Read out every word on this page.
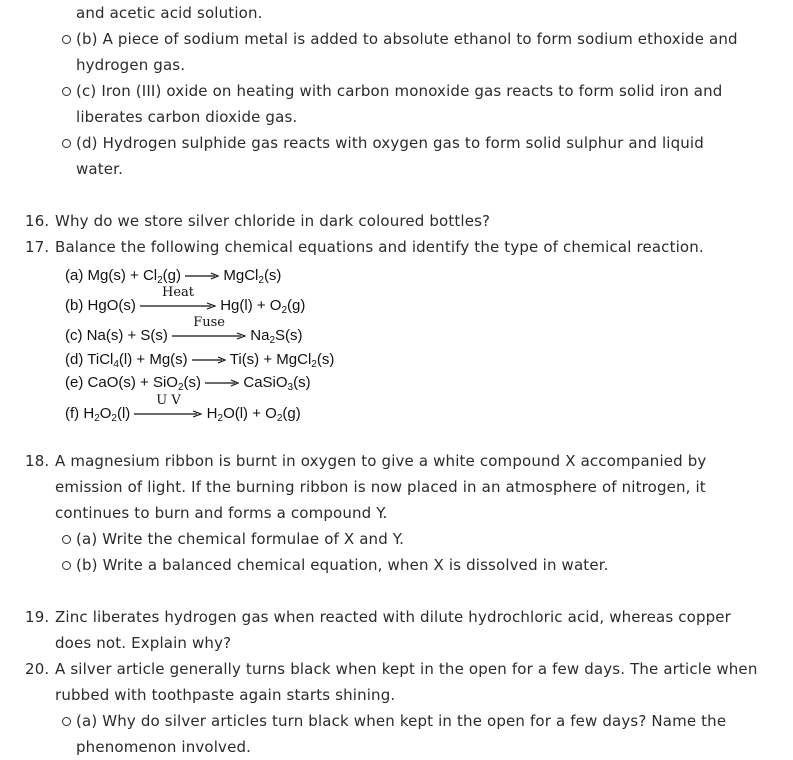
and acetic acid solution.
(b) A piece of sodium metal is added to absolute ethanol to form sodium ethoxide and
hydrogen gas.
(c) Iron (III) oxide on heating with carbon monoxide gas reacts to form solid iron and
liberates carbon dioxide gas.
(d) Hydrogen sulphide gas reacts with oxygen gas to form solid sulphur and liquid
water.
16. Why do we store silver chloride in dark coloured bottles?
17. Balance the following chemical equations and identify the type of chemical reaction.
(a) $Mg(s) + Cl_2(g)$ → MgCl$_2$(s)
(b) HgO(s)
Heat
$Hg(l) + O_2(g)$
(c) Na(s) + S(s)
Fuse
$Na_2S(s)$
(d) TiCl$_4$(l) + Mg(s) → Ti(s) + MgCl$_2$(s)
(e) CaO(s) + SiO$_2$(s) → CaSiO$_3$(s)
(f) $H_2O_2(l)$
U V
$H_2O(l) + O_2(g)$
18. A magnesium ribbon is burnt in oxygen to give a white compound X accompanied by
emission of light. If the burning ribbon is now placed in an atmosphere of nitrogen, it
continues to burn and forms a compound Y.
(a) Write the chemical formulae of X and Y.
(b) Write a balanced chemical equation, when X is dissolved in water.
19. Zinc liberates hydrogen gas when reacted with dilute hydrochloric acid, whereas copper
does not. Explain why?
20. A silver article generally turns black when kept in the open for a few days. The article when
rubbed with toothpaste again starts shining.
(a) Why do silver articles turn black when kept in the open for a few days? Name the
phenomenon involved.
